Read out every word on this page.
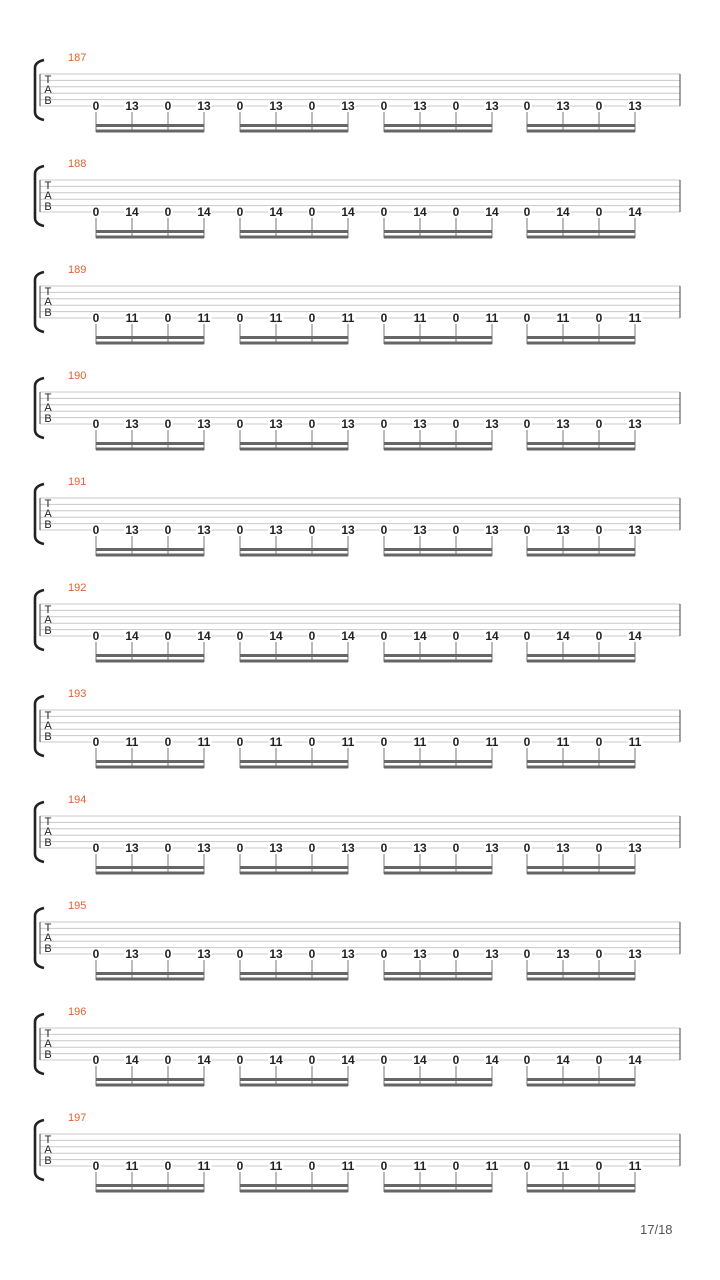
187
T
A
B	0 13 0 13 0 13 0 13 0 13 0 13 0 13 0 13
188
T
A
B	0 14 0 14 0 14 0 14 0 14 0 14 0 14 0 14
189
T
A
B	0 11 0 11 0 11 0 11 0 11 0 11 0 11 0 11
190
T
A
B	0 13 0 13 0 13 0 13 0 13 0 13 0 13 0 13
191
T
A
B	0 13 0 13 0 13 0 13 0 13 0 13 0 13 0 13
192
T
A
B	0 14 0 14 0 14 0 14 0 14 0 14 0 14 0 14
193
T
A
B	0 11 0 11 0 11 0 11 0 11 0 11 0 11 0 11
194
T
A
B	0 13 0 13 0 13 0 13 0 13 0 13 0 13 0 13
195
T
A
B	0 13 0 13 0 13 0 13 0 13 0 13 0 13 0 13
196
T
A
B	0 14 0 14 0 14 0 14 0 14 0 14 0 14 0 14
197
T
A
B	0 11 0 11 0 11 0 11 0 11 0 11 0 11 0 11
17/18
